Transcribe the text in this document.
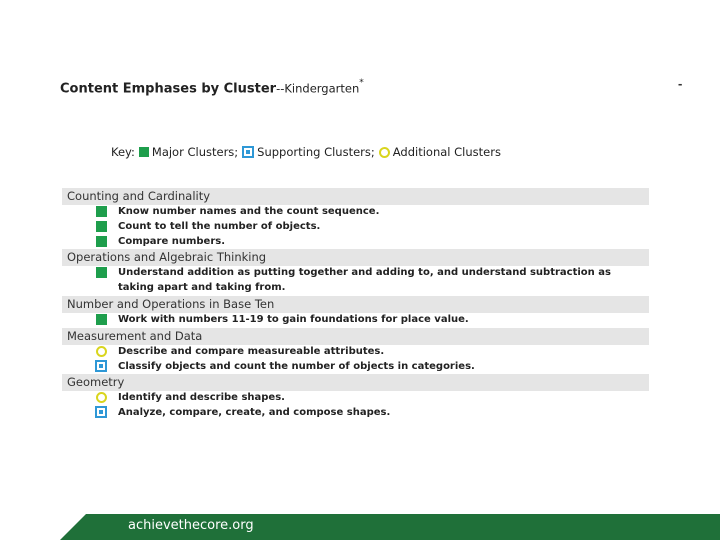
Content Emphases by Cluster--Kindergarten*	-
Key: Major Clusters; Supporting Clusters; Additional Clusters
Counting and Cardinality
Know number names and the count sequence.
Count to tell the number of objects.
Compare numbers.
Operations and Algebraic Thinking
Understand addition as putting together and adding to, and understand subtraction as taking apart and taking from.
Number and Operations in Base Ten
Work with numbers 11-19 to gain foundations for place value.
Measurement and Data
Describe and compare measureable attributes.
Classify objects and count the number of objects in categories.
Geometry
Identify and describe shapes.
Analyze, compare, create, and compose shapes.
achievethecore.org
